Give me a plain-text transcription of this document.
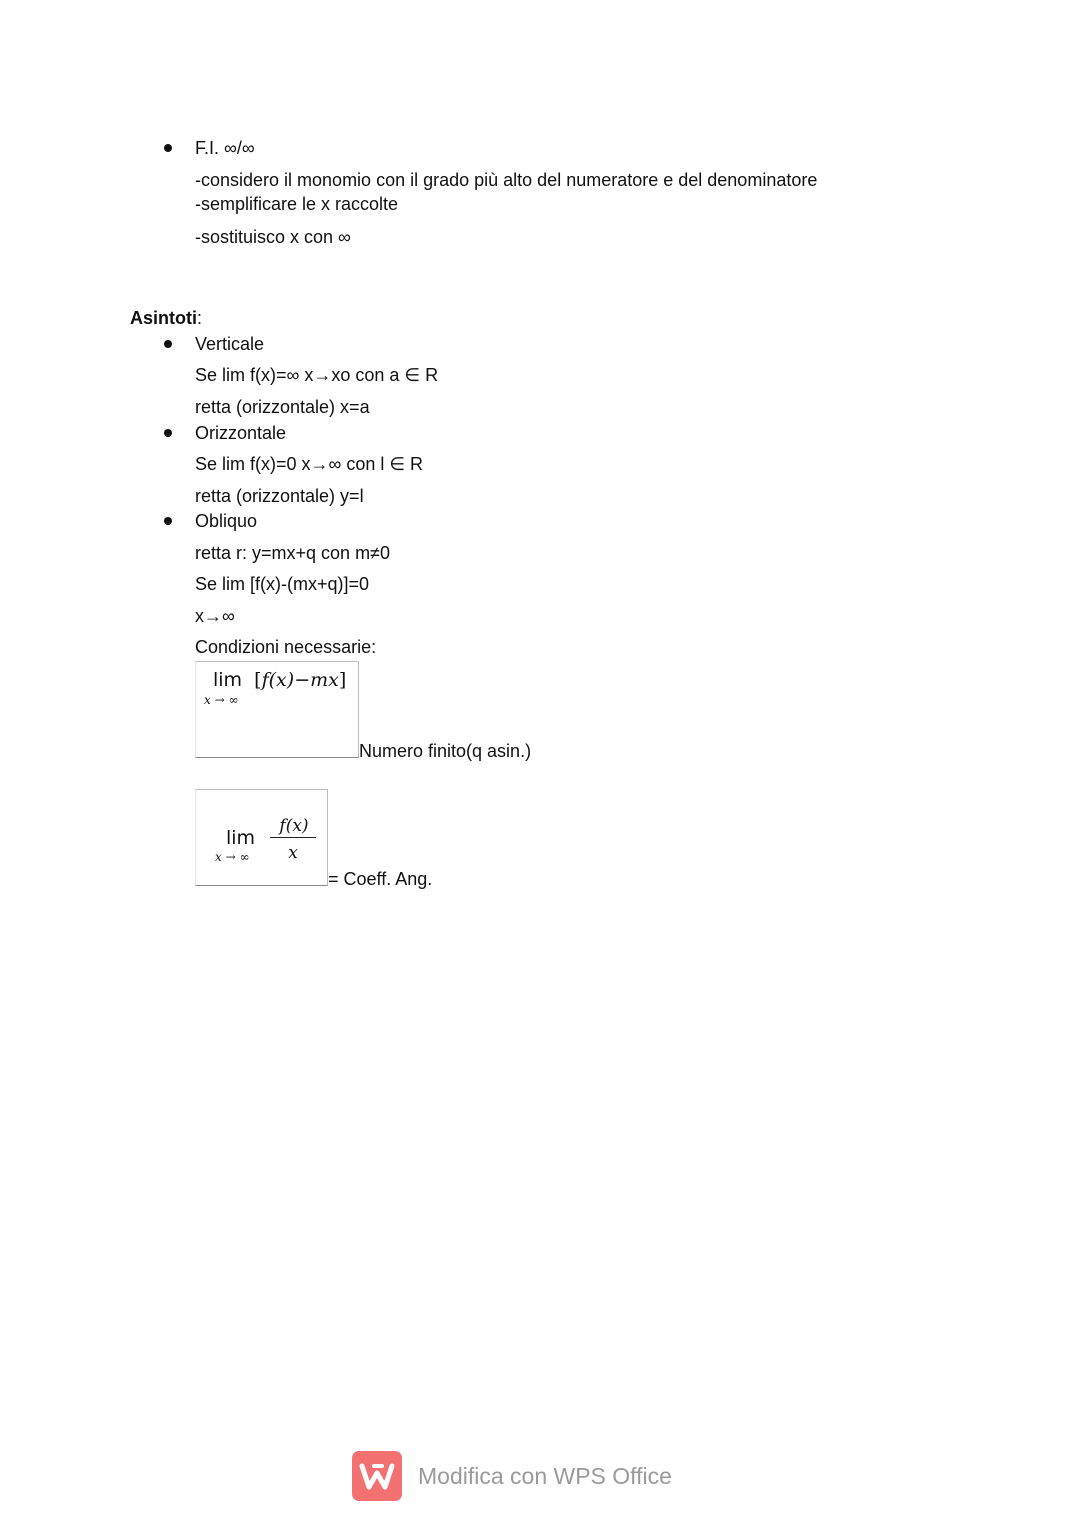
F.I. ∞/∞
-considero il monomio con il grado più alto del numeratore e del denominatore
-semplificare le x raccolte
-sostituisco x con ∞
Asintoti:
Verticale
Se lim f(x)=∞ x→xo con a ∈ R
retta (orizzontale) x=a
Orizzontale
Se lim f(x)=0 x→∞ con l ∈ R
retta (orizzontale) y=l
Obliquo
retta r: y=mx+q con m≠0
Se lim [f(x)-(mx+q)]=0
x→∞
Condizioni necessarie:
lim [f(x)−mx]
x → ∞
Numero finito(q asin.)
lim
x → ∞
f(x)
x
= Coeff. Ang.
Modifica con WPS Office
